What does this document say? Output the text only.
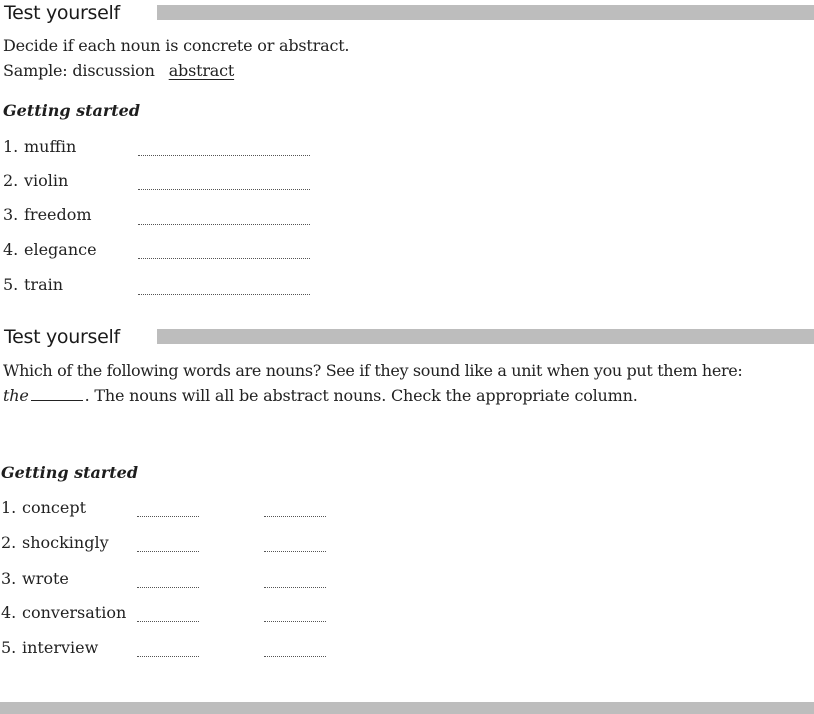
Test yourself
Decide if each noun is concrete or abstract.
Sample: discussion abstract
Getting started
1. muffin
2. violin
3. freedom
4. elegance
5. train
Test yourself
Which of the following words are nouns? See if they sound like a unit when you put them here:
the	. The nouns will all be abstract nouns. Check the appropriate column.
Getting started
1. concept
2. shockingly
3. wrote
4. conversation
5. interview
